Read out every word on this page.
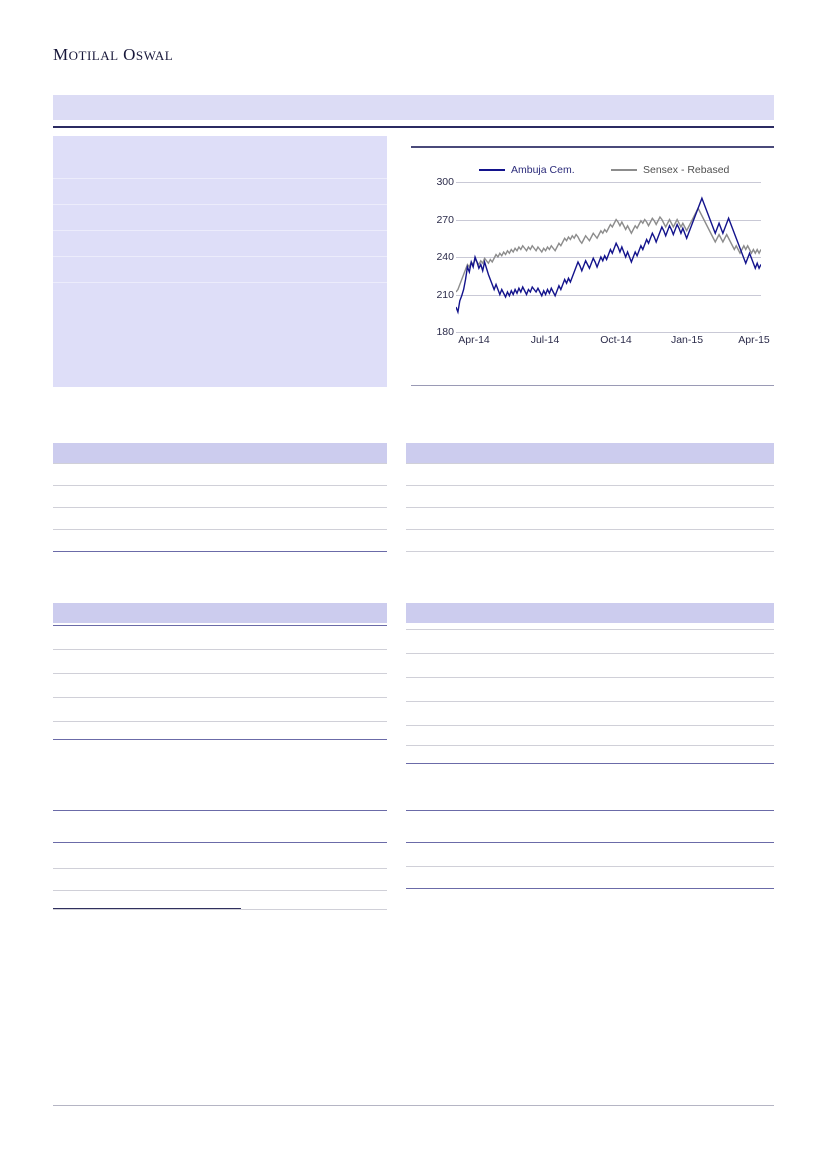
MOTILAL OSWAL
Ambuja Cem.	Sensex - Rebased
300
270
240
210
180
Apr-14	Jul-14	Oct-14	Jan-15	Apr-15
